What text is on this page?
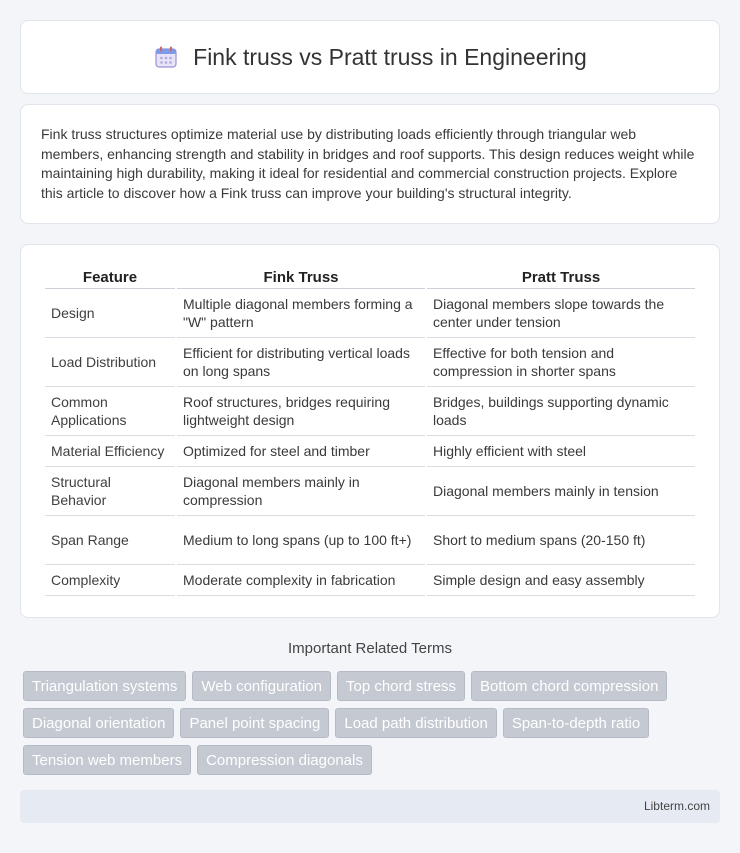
Fink truss vs Pratt truss in Engineering

Fink truss structures optimize material use by distributing loads efficiently through triangular web members, enhancing strength and stability in bridges and roof supports. This design reduces weight while maintaining high durability, making it ideal for residential and commercial construction projects. Explore this article to discover how a Fink truss can improve your building's structural integrity.

Feature	Fink Truss	Pratt Truss
Design	Multiple diagonal members forming a "W" pattern	Diagonal members slope towards the center under tension
Load Distribution	Efficient for distributing vertical loads on long spans	Effective for both tension and compression in shorter spans
Common Applications	Roof structures, bridges requiring lightweight design	Bridges, buildings supporting dynamic loads
Material Efficiency	Optimized for steel and timber	Highly efficient with steel
Structural Behavior	Diagonal members mainly in compression	Diagonal members mainly in tension
Span Range	Medium to long spans (up to 100 ft+)	Short to medium spans (20-150 ft)
Complexity	Moderate complexity in fabrication	Simple design and easy assembly
Important Related Terms
Triangulation systems	Web configuration	Top chord stress	Bottom chord compression
Diagonal orientation	Panel point spacing	Load path distribution	Span-to-depth ratio
Tension web members	Compression diagonals
Libterm.com
